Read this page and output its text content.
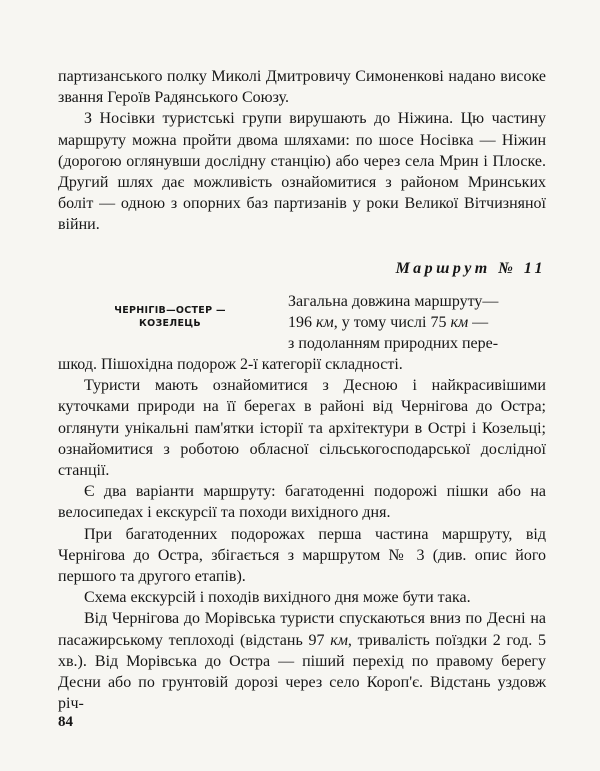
партизанського полку Миколі Дмитровичу Симоненкові надано високе звання Героїв Радянського Союзу.

З Носівки туристські групи вирушають до Ніжина. Цю частину маршруту можна пройти двома шляхами: по шосе Носівка — Ніжин (дорогою оглянувши дослідну станцію) або через села Мрин і Плоске. Другий шлях дає можливість ознайомитися з районом Мринських боліт — одною з опорних баз партизанів у роки Великої Вітчизняної війни.

Маршрут № 11
ЧЕРНІГІВ—ОСТЕР —
КОЗЕЛЕЦЬ
Загальна довжина маршруту—
196 км, у тому числі 75 км —
з подоланням природних пере-

шкод. Пішохідна подорож 2-ї категорії складності.

Туристи мають ознайомитися з Десною і найкрасивішими куточками природи на її берегах в районі від Чернігова до Остра; оглянути унікальні пам'ятки історії та архітектури в Острі і Козельці; ознайомитися з роботою обласної сільськогосподарської дослідної станції.

Є два варіанти маршруту: багатоденні подорожі пішки або на велосипедах і екскурсії та походи вихідного дня.

При багатоденних подорожах перша частина маршруту, від Чернігова до Остра, збігається з маршрутом № 3 (див. опис його першого та другого етапів).

Схема екскурсій і походів вихідного дня може бути така.

Від Чернігова до Морівська туристи спускаються вниз по Десні на пасажирському теплоході (відстань 97 км, тривалість поїздки 2 год. 5 хв.). Від Морівська до Остра — піший перехід по правому берегу Десни або по грунтовій дорозі через село Короп'є. Відстань уздовж річ-

84
